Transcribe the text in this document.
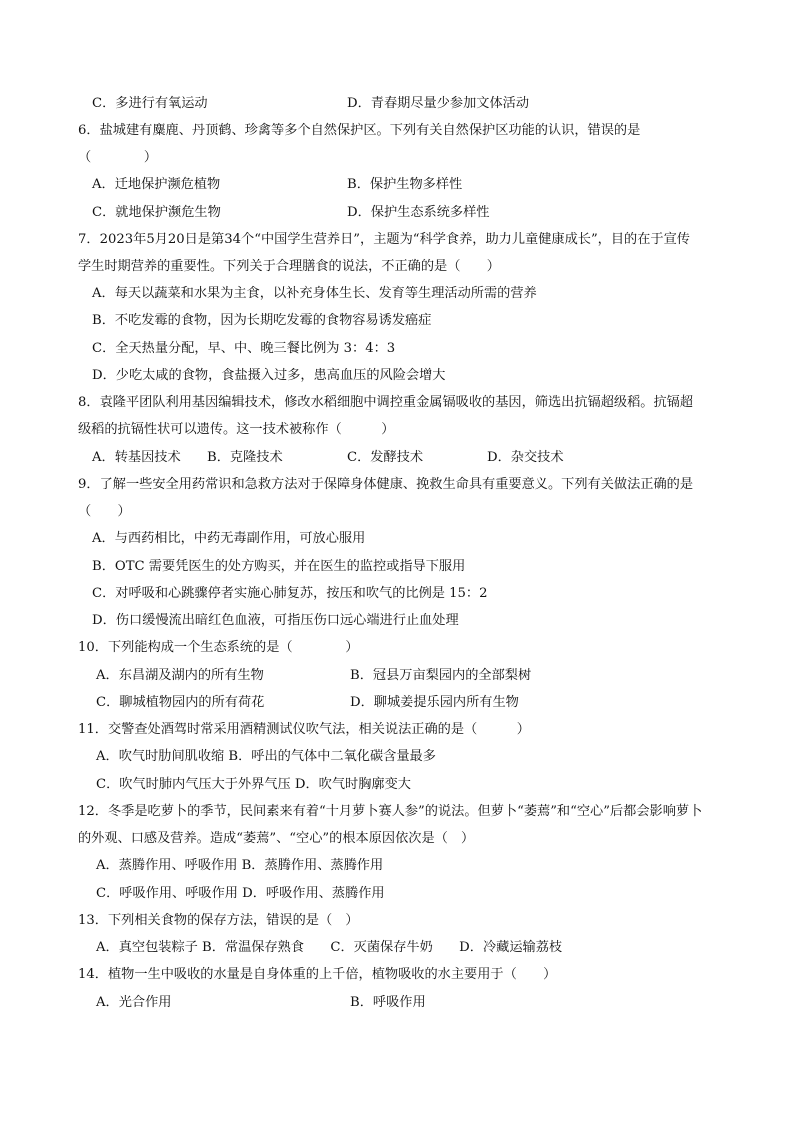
C．多进行有氧运动	D．青春期尽量少参加文体活动
6．盐城建有麋鹿、丹顶鹤、珍禽等多个自然保护区。下列有关自然保护区功能的认识，错误的是
（　　　　）
A．迁地保护濒危植物	B．保护生物多样性
C．就地保护濒危生物	D．保护生态系统多样性
7．2023年5月20日是第34个“中国学生营养日”，主题为“科学食养，助力儿童健康成长”，目的在于宣传
学生时期营养的重要性。下列关于合理膳食的说法，不正确的是（　　）
A．每天以蔬菜和水果为主食，以补充身体生长、发育等生理活动所需的营养
B．不吃发霉的食物，因为长期吃发霉的食物容易诱发癌症
C．全天热量分配，早、中、晚三餐比例为 3：4：3
D．少吃太咸的食物，食盐摄入过多，患高血压的风险会增大
8．袁隆平团队利用基因编辑技术，修改水稻细胞中调控重金属镉吸收的基因，筛选出抗镉超级稻。抗镉超
级稻的抗镉性状可以遗传。这一技术被称作（　　　）
A．转基因技术　　B．克隆技术	C．发酵技术	D．杂交技术
9．了解一些安全用药常识和急救方法对于保障身体健康、挽救生命具有重要意义。下列有关做法正确的是
（　　）
A．与西药相比，中药无毒副作用，可放心服用
B．OTC 需要凭医生的处方购买，并在医生的监控或指导下服用
C．对呼吸和心跳骤停者实施心肺复苏，按压和吹气的比例是 15：2
D．伤口缓慢流出暗红色血液，可指压伤口远心端进行止血处理
10．下列能构成一个生态系统的是（　　　　）
A．东昌湖及湖内的所有生物	B．冠县万亩梨园内的全部梨树
C．聊城植物园内的所有荷花	D．聊城姜提乐园内所有生物
11．交警查处酒驾时常采用酒精测试仪吹气法，相关说法正确的是（　　　）
A．吹气时肋间肌收缩 B．呼出的气体中二氧化碳含量最多
C．吹气时肺内气压大于外界气压 D．吹气时胸廓变大
12．冬季是吃萝卜的季节，民间素来有着“十月萝卜赛人参”的说法。但萝卜“萎蔫”和“空心”后都会影响萝卜
的外观、口感及营养。造成“萎蔫”、“空心”的根本原因依次是（　）
A．蒸腾作用、呼吸作用 B．蒸腾作用、蒸腾作用
C．呼吸作用、呼吸作用 D．呼吸作用、蒸腾作用
13．下列相关食物的保存方法，错误的是（　）
A．真空包装粽子 B．常温保存熟食　　C．灭菌保存牛奶　　D．冷藏运输荔枝
14．植物一生中吸收的水量是自身体重的上千倍，植物吸收的水主要用于（　　）
A．光合作用	B．呼吸作用
